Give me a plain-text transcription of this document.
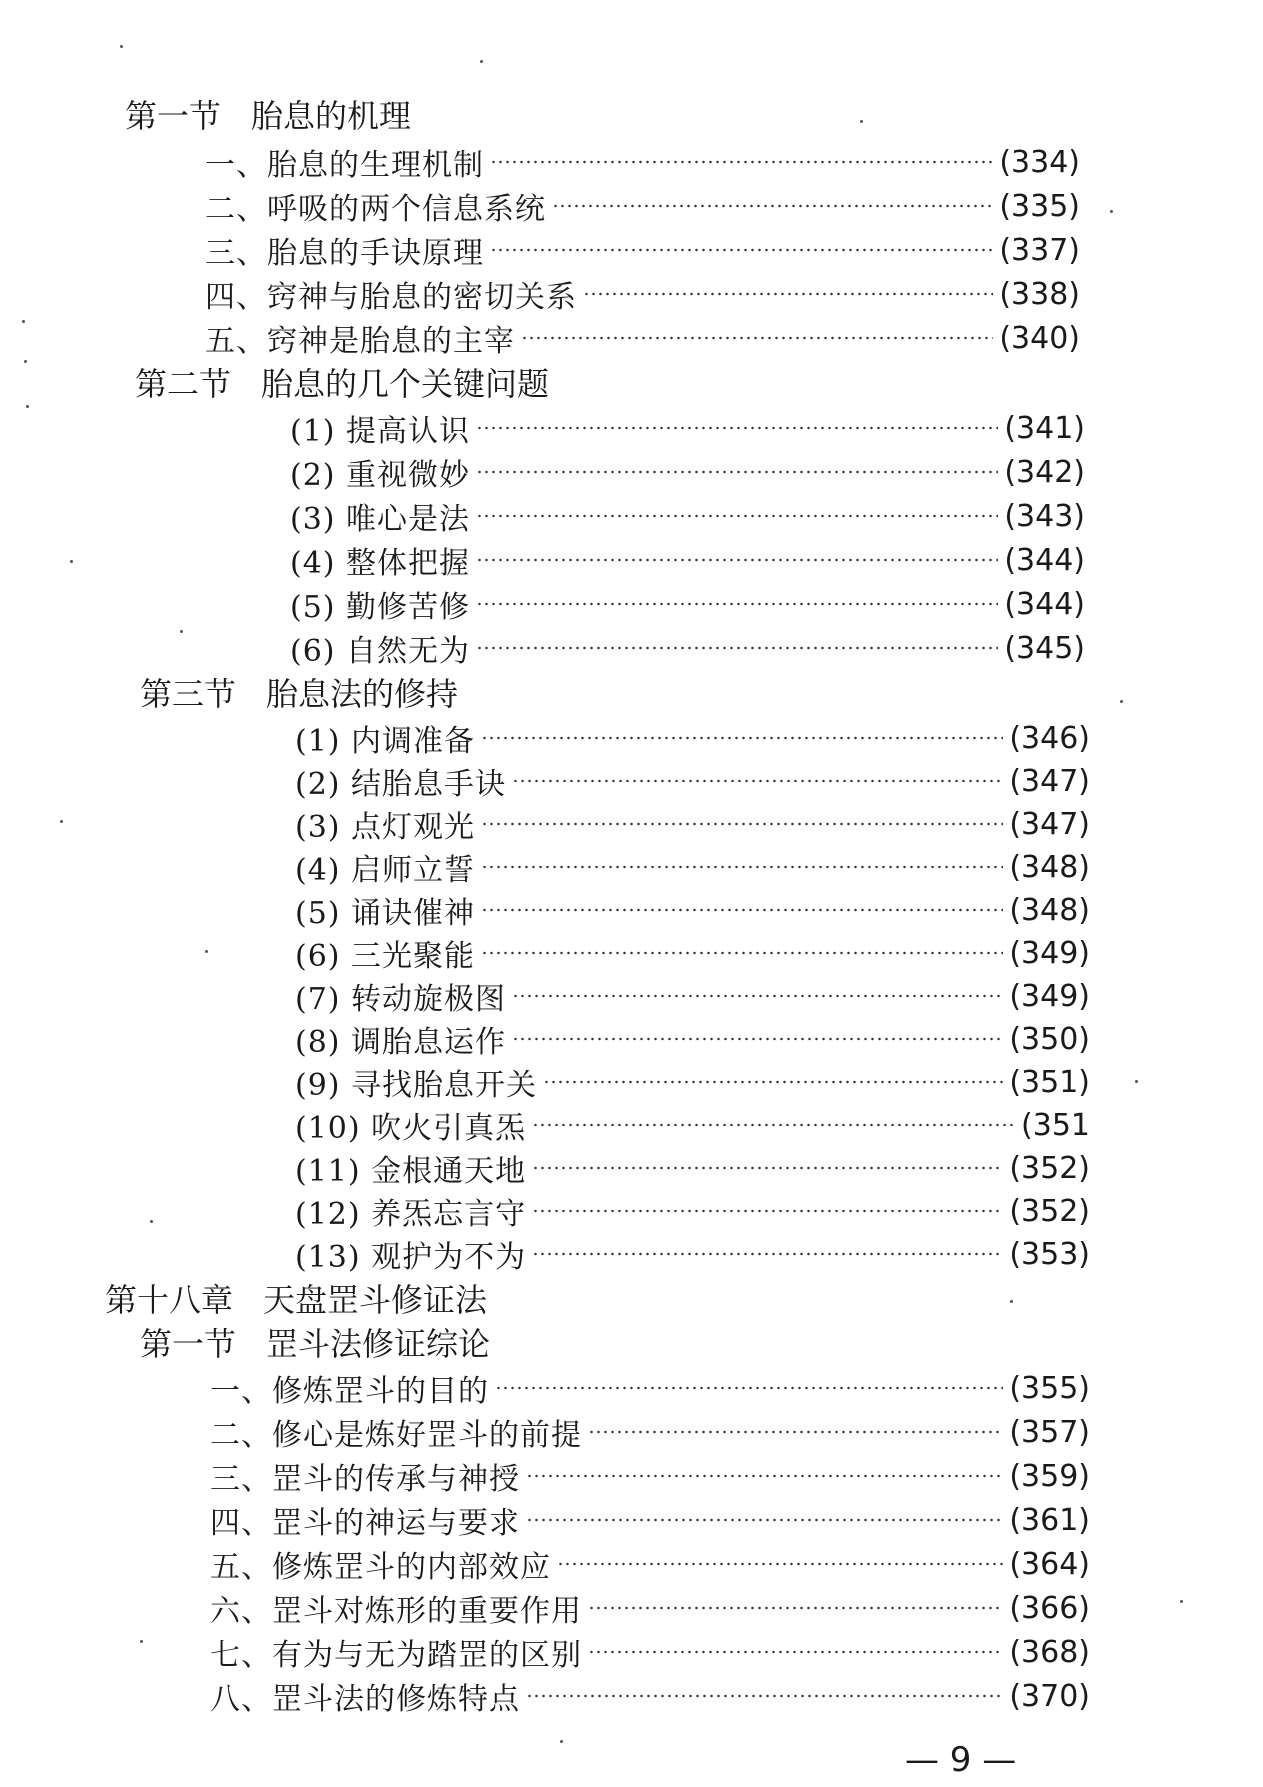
第一节 胎息的机理
一、胎息的生理机制	(334)
二、呼吸的两个信息系统	(335)
三、胎息的手诀原理	(337)
四、窍神与胎息的密切关系	(338)
五、窍神是胎息的主宰	(340)
第二节 胎息的几个关键问题
(1) 提高认识	(341)
(2) 重视微妙	(342)
(3) 唯心是法	(343)
(4) 整体把握	(344)
(5) 勤修苦修	(344)
(6) 自然无为	(345)
第三节 胎息法的修持
(1) 内调准备	(346)
(2) 结胎息手诀	(347)
(3) 点灯观光	(347)
(4) 启师立誓	(348)
(5) 诵诀催神	(348)
(6) 三光聚能	(349)
(7) 转动旋极图	(349)
(8) 调胎息运作	(350)
(9) 寻找胎息开关	(351)
(10) 吹火引真炁	(351
(11) 金根通天地	(352)
(12) 养炁忘言守	(352)
(13) 观护为不为	(353)
第十八章 天盘罡斗修证法
第一节 罡斗法修证综论
一、修炼罡斗的目的	(355)
二、修心是炼好罡斗的前提	(357)
三、罡斗的传承与神授	(359)
四、罡斗的神运与要求	(361)
五、修炼罡斗的内部效应	(364)
六、罡斗对炼形的重要作用	(366)
七、有为与无为踏罡的区别	(368)
八、罡斗法的修炼特点	(370)
— 9 —
